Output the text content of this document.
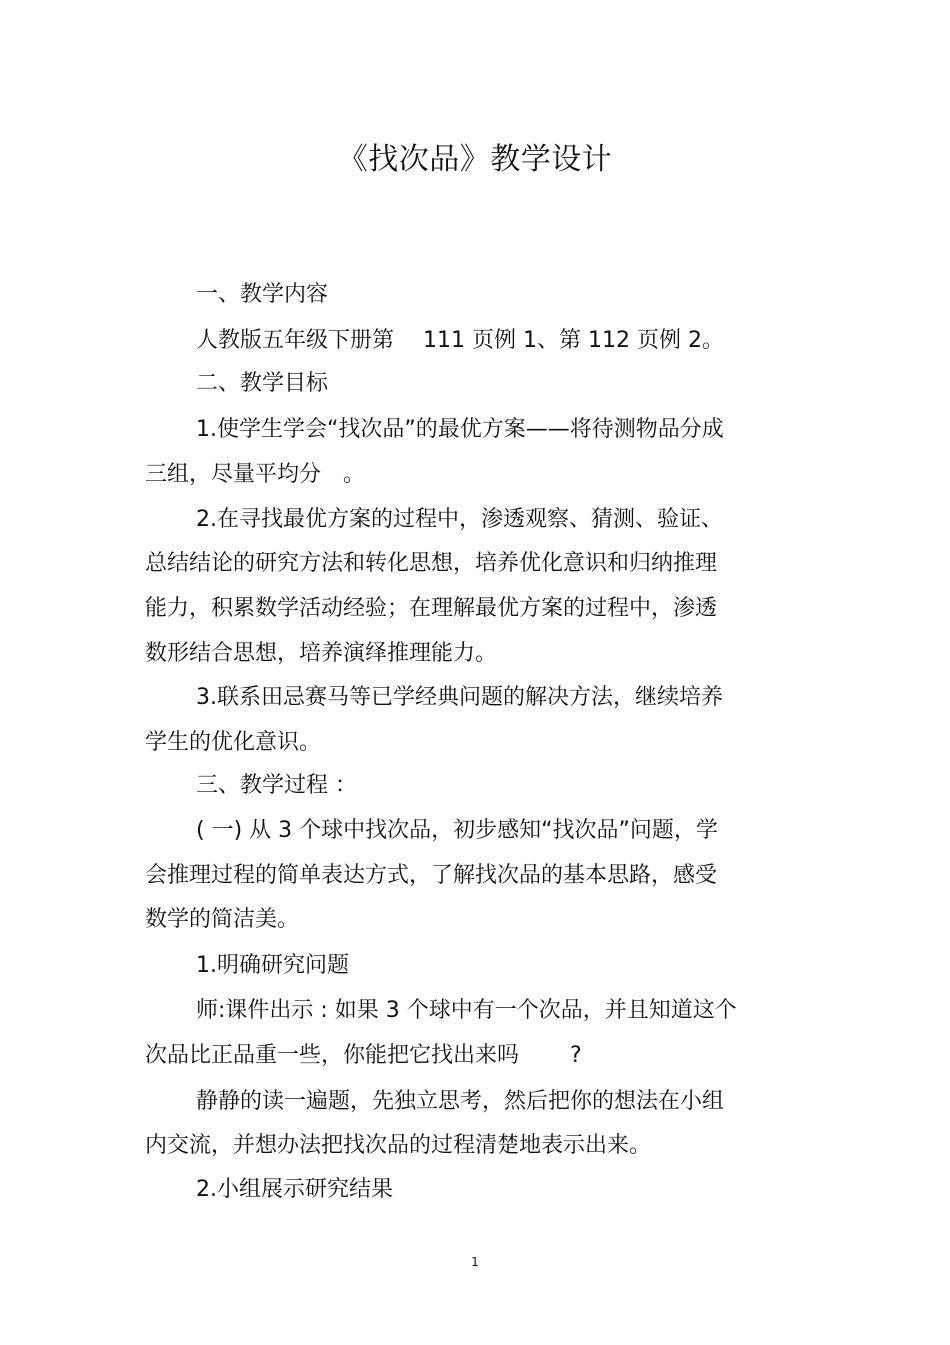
《找次品》教学设计
一、教学内容
人教版五年级下册第　 111 页例 1、第 112 页例 2。
二、教学目标
1.使学生学会“找次品”的最优方案——将待测物品分成
三组，尽量平均分　。
2.在寻找最优方案的过程中，渗透观察、猜测、验证、
总结结论的研究方法和转化思想，培养优化意识和归纳推理
能力，积累数学活动经验；在理解最优方案的过程中，渗透
数形结合思想，培养演绎推理能力。
3.联系田忌赛马等已学经典问题的解决方法，继续培养
学生的优化意识。
三、教学过程 ：
( 一) 从 3 个球中找次品，初步感知“找次品”问题，学
会推理过程的简单表达方式，了解找次品的基本思路，感受
数学的简洁美。
1.明确研究问题
师:课件出示 : 如果 3 个球中有一个次品，并且知道这个
次品比正品重一些，你能把它找出来吗　　 ?
静静的读一遍题，先独立思考，然后把你的想法在小组
内交流，并想办法把找次品的过程清楚地表示出来。
2.小组展示研究结果
1
